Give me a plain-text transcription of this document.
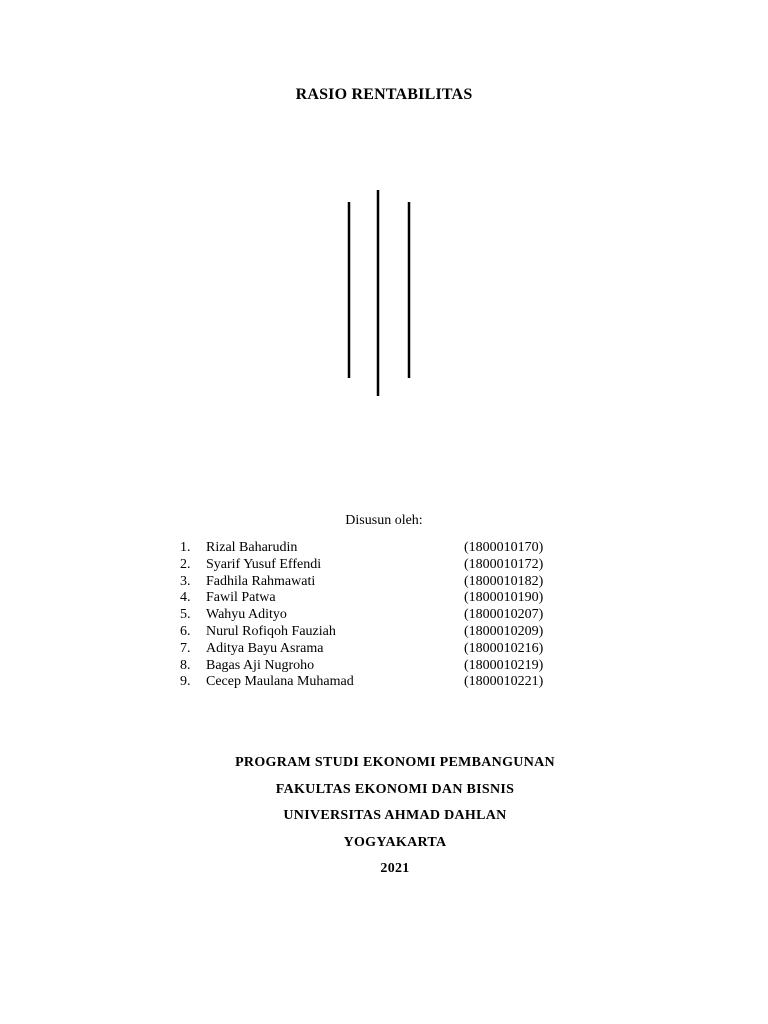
RASIO RENTABILITAS
Disusun oleh:
1. Rizal Baharudin	(1800010170)
2. Syarif Yusuf Effendi	(1800010172)
3. Fadhila Rahmawati	(1800010182)
4. Fawil Patwa	(1800010190)
5. Wahyu Adityo	(1800010207)
6. Nurul Rofiqoh Fauziah	(1800010209)
7. Aditya Bayu Asrama	(1800010216)
8. Bagas Aji Nugroho	(1800010219)
9. Cecep Maulana Muhamad	(1800010221)
PROGRAM STUDI EKONOMI PEMBANGUNAN
FAKULTAS EKONOMI DAN BISNIS
UNIVERSITAS AHMAD DAHLAN
YOGYAKARTA
2021
